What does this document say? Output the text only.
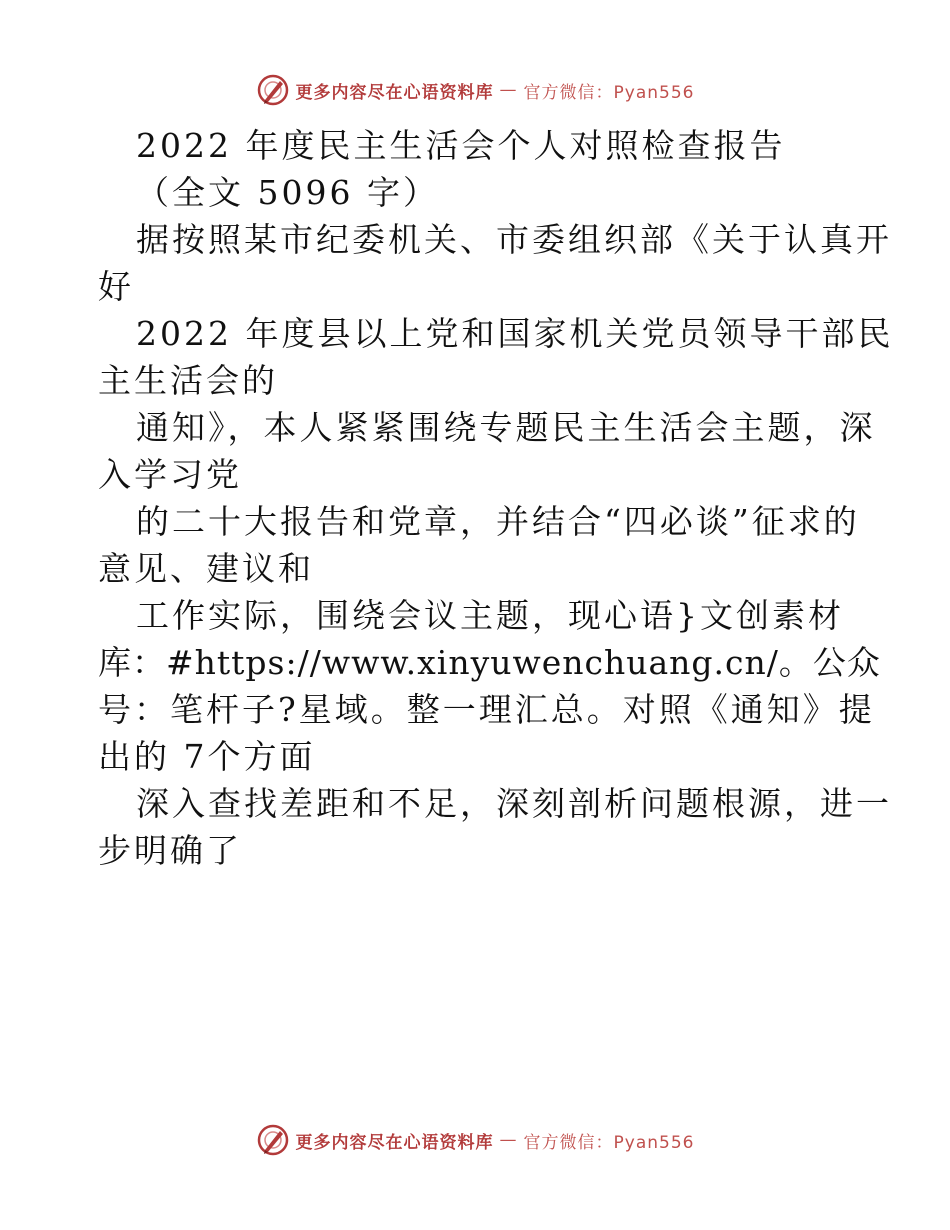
更多内容尽在心语资料库 — 官方微信：Pyan556
2022 年度民主生活会个人对照检查报告
（全文 5096 字）
据按照某市纪委机关、市委组织部《关于认真开
好
2022 年度县以上党和国家机关党员领导干部民
主生活会的
通知》，本人紧紧围绕专题民主生活会主题，深
入学习党
的二十大报告和党章，并结合“四必谈”征求的
意见、建议和
工作实际，围绕会议主题，现心语}文创素材
库：#https://www.xinyuwenchuang.cn/。公众
号：笔杆子?星域。整一理汇总。对照《通知》提
出的 7个方面
深入查找差距和不足，深刻剖析问题根源，进一
步明确了
更多内容尽在心语资料库 — 官方微信：Pyan556
